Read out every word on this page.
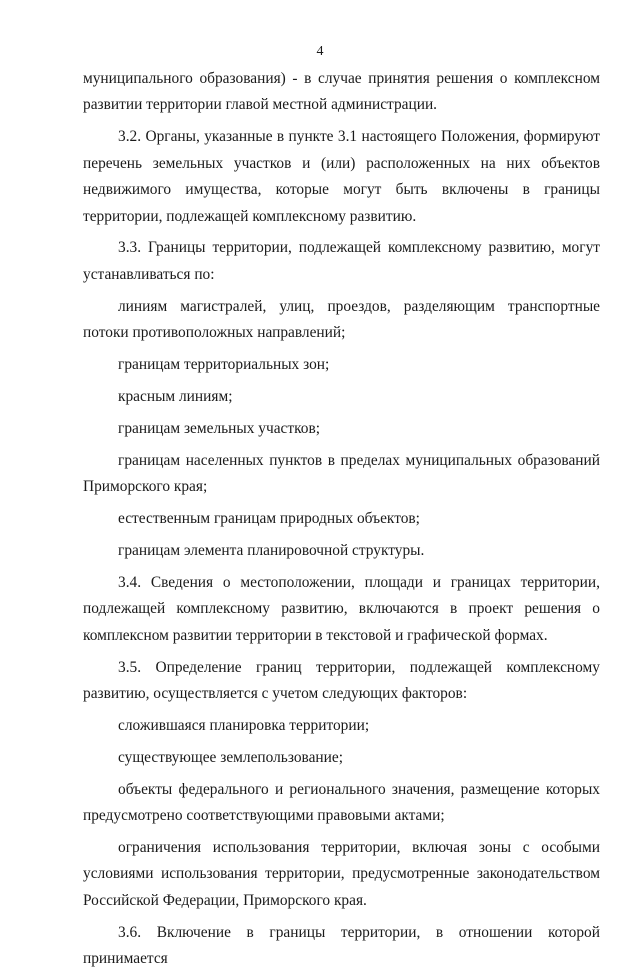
4

муниципального образования) - в случае принятия решения о комплексном развитии территории главой местной администрации.

3.2. Органы, указанные в пункте 3.1 настоящего Положения, формируют перечень земельных участков и (или) расположенных на них объектов недвижимого имущества, которые могут быть включены в границы территории, подлежащей комплексному развитию.

3.3. Границы территории, подлежащей комплексному развитию, могут устанавливаться по:

линиям магистралей, улиц, проездов, разделяющим транспортные потоки противоположных направлений;

границам территориальных зон;

красным линиям;

границам земельных участков;

границам населенных пунктов в пределах муниципальных образований Приморского края;

естественным границам природных объектов;

границам элемента планировочной структуры.

3.4. Сведения о местоположении, площади и границах территории, подлежащей комплексному развитию, включаются в проект решения о комплексном развитии территории в текстовой и графической формах.

3.5. Определение границ территории, подлежащей комплексному развитию, осуществляется с учетом следующих факторов:

сложившаяся планировка территории;

существующее землепользование;

объекты федерального и регионального значения, размещение которых предусмотрено соответствующими правовыми актами;

ограничения использования территории, включая зоны с особыми условиями использования территории, предусмотренные законодательством Российской Федерации, Приморского края.

3.6. Включение в границы территории, в отношении которой принимается
